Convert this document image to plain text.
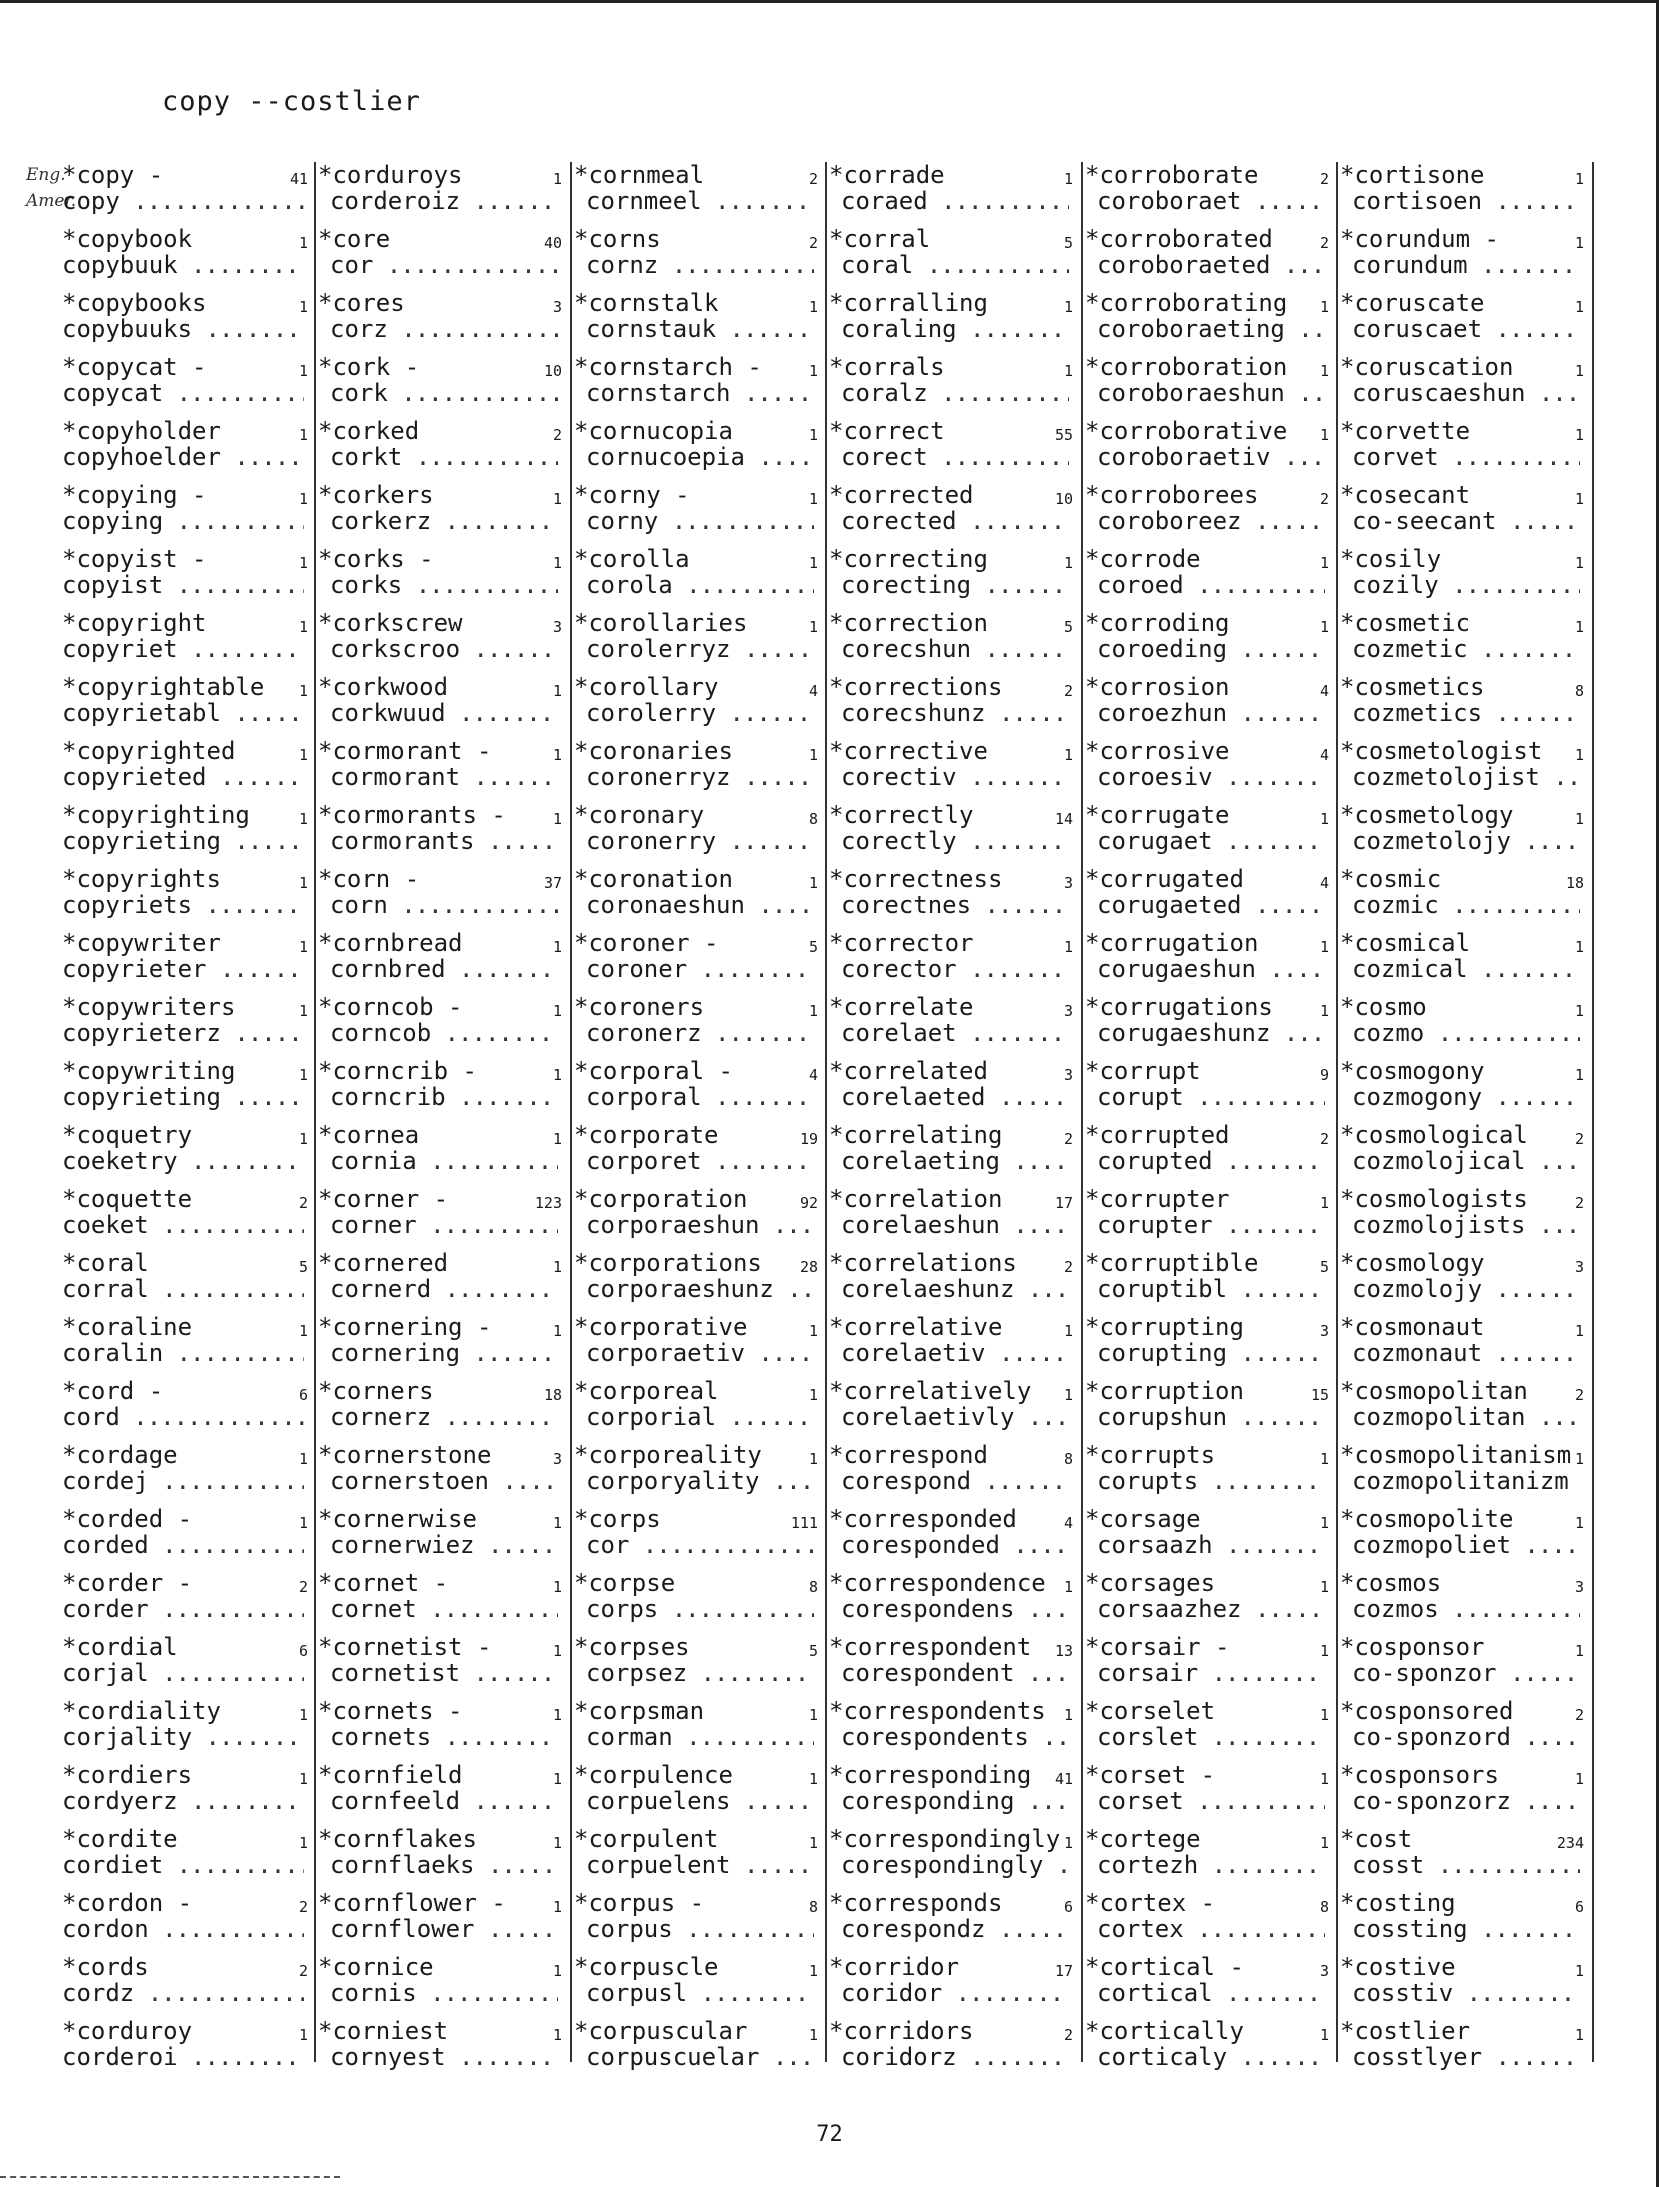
copy --costlier
Eng.
Amer.
*copy -	41
copy .....
*copybook	1
copybuuk .....
*copybooks	1
copybuuks .....
*copycat -	1
copycat .....
*copyholder	1
copyhoelder .....
*copying -	1
copying .....
*copyist -	1
copyist .....
*copyright	1
copyriet .....
*copyrightable 1
copyrietabl .....
*copyrighted	1
copyrieted .....
*copyrighting	1
copyrieting .....
*copyrights	1
copyriets .....
*copywriter	1
copyrieter .....
*copywriters	1
copyrieterz .....
*copywriting	1
copyrieting .....
*coquetry	1
coeketry .....
*coquette	2
coeket .....
*coral	5
corral .....
*coraline	1
coralin .....
*cord -	6
cord .....
*cordage	1
cordej .....
*corded -	1
corded .....
*corder -	2
corder .....
*cordial	6
corjal .....
*cordiality	1
corjality .....
*cordiers	1
cordyerz .....
*cordite	1
cordiet .....
*cordon -	2
cordon .....
*cords	2
cordz .....
*corduroy	1
corderoi .....
*corduroys	1
corderoiz .....
*core	40
cor .....
*cores	3
corz .....
*cork -	10
cork .....
*corked	2
corkt .....
*corkers	1
corkerz .....
*corks -	1
corks .....
*corkscrew	3
corkscroo .....
*corkwood	1
corkwuud .....
*cormorant -	1
cormorant .....
*cormorants -	1
cormorants .....
*corn -	37
corn .....
*cornbread	1
cornbred .....
*corncob -	1
corncob .....
*corncrib -	1
corncrib .....
*cornea	1
cornia .....
*corner -	123
corner .....
*cornered	1
cornerd .....
*cornering -	1
cornering .....
*corners	18
cornerz .....
*cornerstone	3
cornerstoen .....
*cornerwise	1
cornerwiez .....
*cornet -	1
cornet .....
*cornetist -	1
cornetist .....
*cornets -	1
cornets .....
*cornfield	1
cornfeeld .....
*cornflakes	1
cornflaeks .....
*cornflower -	1
cornflower .....
*cornice	1
cornis .....
*corniest	1
cornyest .....
*cornmeal	2
cornmeel .....
*corns	2
cornz .....
*cornstalk	1
cornstauk .....
*cornstarch -	1
cornstarch .....
*cornucopia	1
cornucoepia .....
*corny -	1
corny .....
*corolla	1
corola .....
*corollaries	1
corolerryz .....
*corollary	4
corolerry .....
*coronaries	1
coronerryz .....
*coronary	8
coronerry .....
*coronation	1
coronaeshun .....
*coroner -	5
coroner .....
*coroners	1
coronerz .....
*corporal -	4
corporal .....
*corporate	19
corporet .....
*corporation	92
corporaeshun .....
*corporations	28
corporaeshunz .....
*corporative	1
corporaetiv .....
*corporeal	1
corporial .....
*corporeality	1
corporyality .....
*corps	111
cor .....
*corpse	8
corps .....
*corpses	5
corpsez .....
*corpsman	1
corman .....
*corpulence	1
corpuelens .....
*corpulent	1
corpuelent .....
*corpus -	8
corpus .....
*corpuscle	1
corpusl .....
*corpuscular	1
corpuscuelar .....
*corrade	1
coraed .....
*corral	5
coral .....
*corralling	1
coraling .....
*corrals	1
coralz .....
*correct	55
corect .....
*corrected	10
corected .....
*correcting	1
corecting .....
*correction	5
corecshun .....
*corrections	2
corecshunz .....
*corrective	1
corectiv .....
*correctly	14
corectly .....
*correctness	3
corectnes .....
*corrector	1
corector .....
*correlate	3
corelaet .....
*correlated	3
corelaeted .....
*correlating	2
corelaeting .....
*correlation	17
corelaeshun .....
*correlations	2
corelaeshunz .....
*correlative	1
corelaetiv .....
*correlatively 1
corelaetivly .....
*correspond	8
corespond .....
*corresponded	4
coresponded .....
*correspondence 1
corespondens .....
*correspondent 13
corespondent .....
*correspondents 1
corespondents .....
*corresponding 41
coresponding .....
*correspondingly 1
corespondingly .....
*corresponds	6
corespondz .....
*corridor	17
coridor .....
*corridors	2
coridorz .....
*corroborate	2
coroboraet .....
*corroborated	2
coroboraeted .....
*corroborating 1
coroboraeting .....
*corroboration 1
coroboraeshun .....
*corroborative 1
coroboraetiv .....
*corroborees	2
coroboreez .....
*corrode	1
coroed .....
*corroding	1
coroeding .....
*corrosion	4
coroezhun .....
*corrosive	4
coroesiv .....
*corrugate	1
corugaet .....
*corrugated	4
corugaeted .....
*corrugation	1
corugaeshun .....
*corrugations	1
corugaeshunz .....
*corrupt	9
corupt .....
*corrupted	2
corupted .....
*corrupter	1
corupter .....
*corruptible	5
coruptibl .....
*corrupting	3
corupting .....
*corruption	15
corupshun .....
*corrupts	1
corupts .....
*corsage	1
corsaazh .....
*corsages	1
corsaazhez .....
*corsair -	1
corsair .....
*corselet	1
corslet .....
*corset -	1
corset .....
*cortege	1
cortezh .....
*cortex -	8
cortex .....
*cortical -	3
cortical .....
*cortically	1
corticaly .....
*cortisone	1
cortisoen .....
*corundum -	1
corundum .....
*coruscate	1
coruscaet .....
*coruscation	1
coruscaeshun .....
*corvette	1
corvet .....
*cosecant	1
co-seecant .....
*cosily	1
cozily .....
*cosmetic	1
cozmetic .....
*cosmetics	8
cozmetics .....
*cosmetologist 1
cozmetolojist .....
*cosmetology	1
cozmetolojy .....
*cosmic	18
cozmic .....
*cosmical	1
cozmical .....
*cosmo	1
cozmo .....
*cosmogony	1
cozmogony .....
*cosmological	2
cozmolojical .....
*cosmologists	2
cozmolojists .....
*cosmology	3
cozmolojy .....
*cosmonaut	1
cozmonaut .....
*cosmopolitan	2
cozmopolitan .....
*cosmopolitanism 1
cozmopolitanizm .....
*cosmopolite	1
cozmopoliet .....
*cosmos	3
cozmos .....
*cosponsor	1
co-sponzor .....
*cosponsored	2
co-sponzord .....
*cosponsors	1
co-sponzorz .....
*cost	234
cosst .....
*costing	6
cossting .....
*costive	1
cosstiv .....
*costlier	1
cosstlyer .....
72
